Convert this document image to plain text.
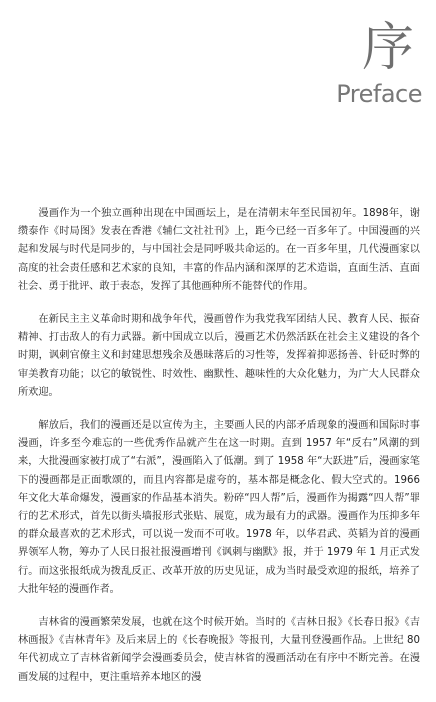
序
Preface

漫画作为一个独立画种出现在中国画坛上，是在清朝末年至民国初年。1898年，谢缵泰作《时局图》发表在香港《辅仁文社社刊》上，距今已经一百多年了。中国漫画的兴起和发展与时代是同步的，与中国社会是同呼吸共命运的。在一百多年里，几代漫画家以高度的社会责任感和艺术家的良知，丰富的作品内涵和深厚的艺术造诣，直面生活、直面社会、勇于批评、敢于表态，发挥了其他画种所不能替代的作用。

在新民主主义革命时期和战争年代，漫画曾作为我党我军团结人民、教育人民、振奋精神、打击敌人的有力武器。新中国成立以后，漫画艺术仍然活跃在社会主义建设的各个时期，讽刺官僚主义和封建思想残余及愚昧落后的习性等，发挥着抑恶扬善、针砭时弊的审美教育功能；以它的敏锐性、时效性、幽默性、趣味性的大众化魅力，为广大人民群众所欢迎。

解放后，我们的漫画还是以宣传为主，主要画人民的内部矛盾现象的漫画和国际时事漫画，许多至今难忘的一些优秀作品就产生在这一时期。直到 1957 年“反右”风潮的到来，大批漫画家被打成了“右派”，漫画陷入了低潮。到了 1958 年“大跃进”后，漫画家笔下的漫画都是正面歌颂的，而且内容都是虚夸的，基本都是概念化、假大空式的。1966 年文化大革命爆发，漫画家的作品基本消失。粉碎“四人帮”后，漫画作为揭露“四人帮”罪行的艺术形式，首先以街头墙报形式张贴、展览，成为最有力的武器。漫画作为压抑多年的群众最喜欢的艺术形式，可以说一发而不可收。1978 年，以华君武、英韬为首的漫画界领军人物，筹办了人民日报社报漫画增刊《讽刺与幽默》报，并于 1979 年 1 月正式发行。而这张报纸成为拨乱反正、改革开放的历史见证，成为当时最受欢迎的报纸，培养了大批年轻的漫画作者。

吉林省的漫画繁荣发展，也就在这个时候开始。当时的《吉林日报》《长春日报》《吉林画报》《吉林青年》及后来居上的《长春晚报》等报刊，大量刊登漫画作品。上世纪 80 年代初成立了吉林省新闻学会漫画委员会，使吉林省的漫画活动在有序中不断完善。在漫画发展的过程中，更注重培养本地区的漫
